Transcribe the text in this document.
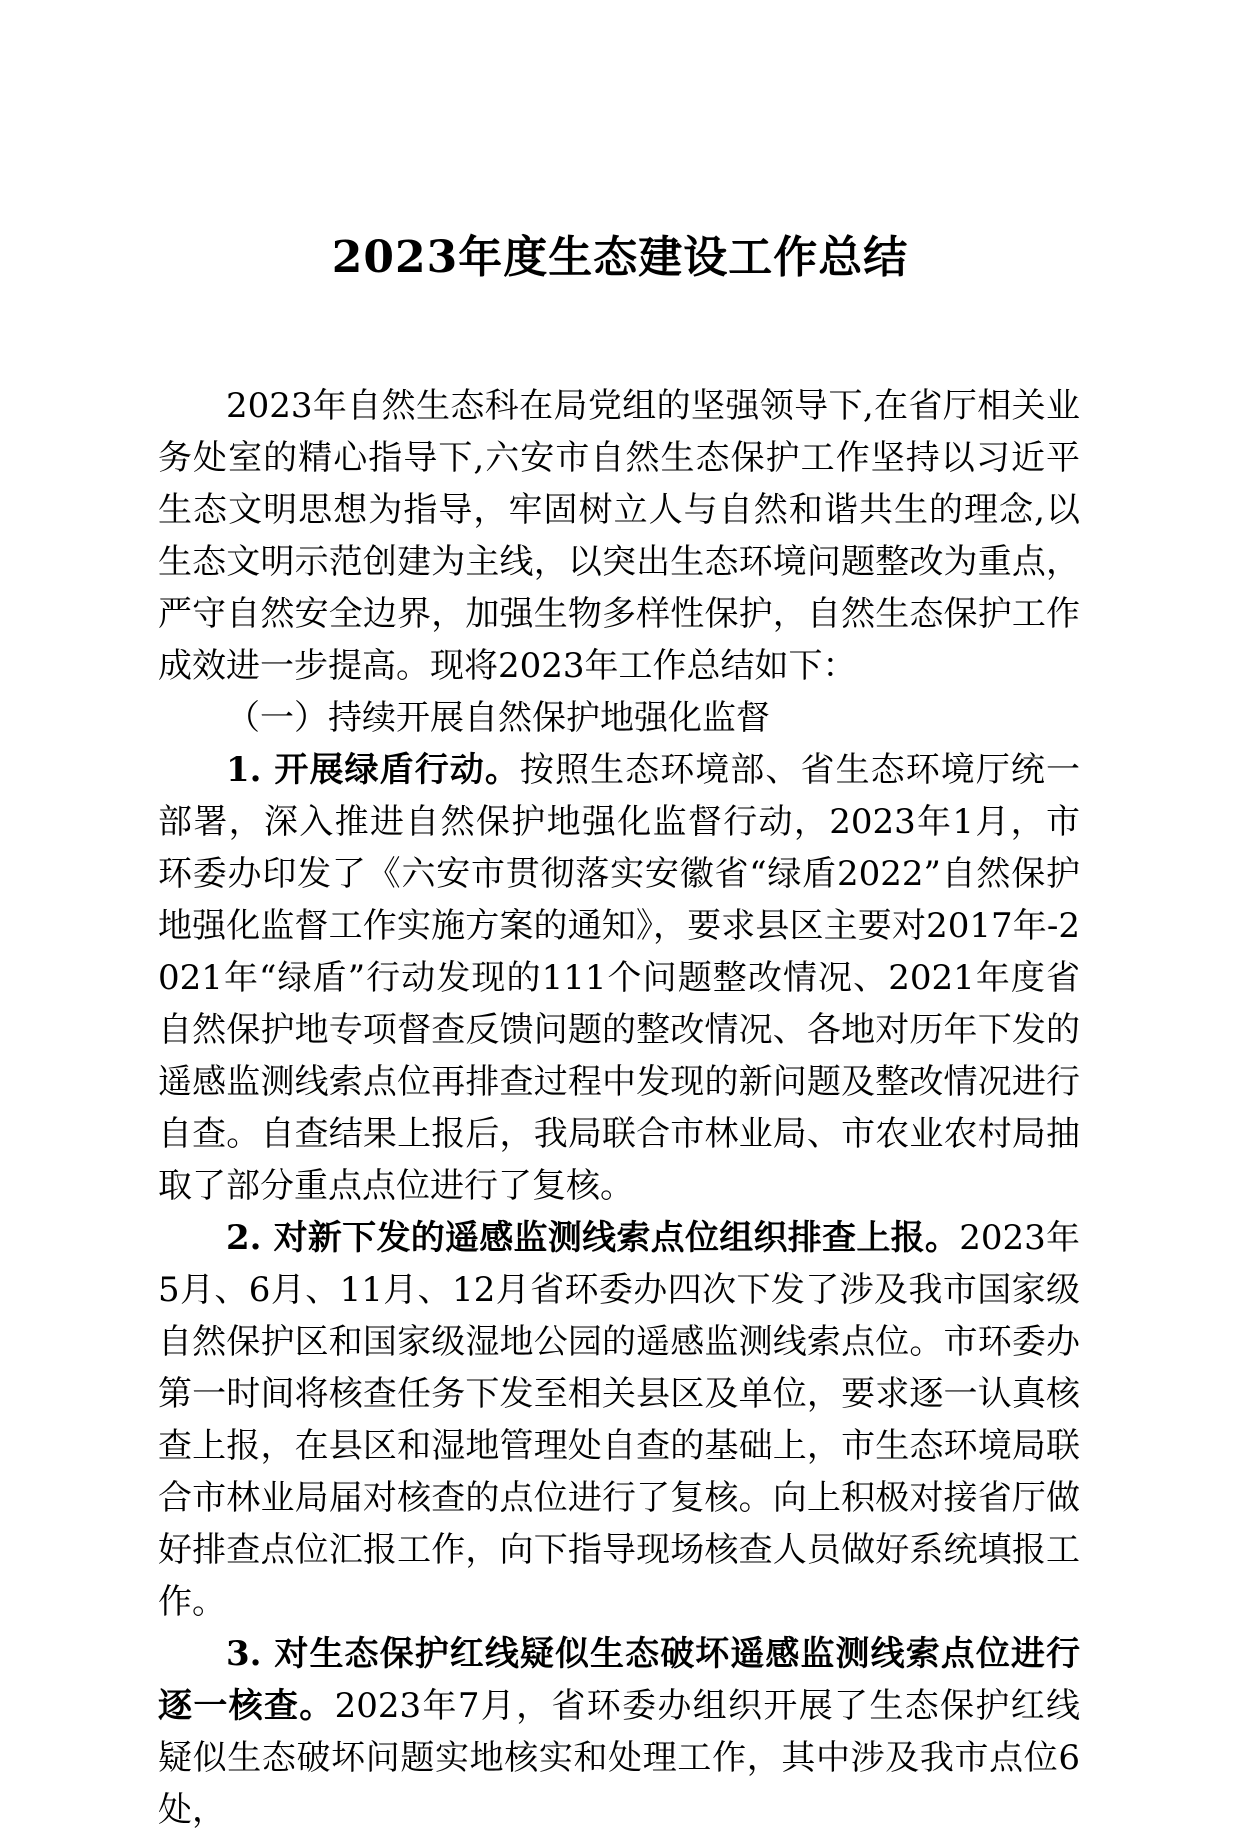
2023年度生态建设工作总结

2023年自然生态科在局党组的坚强领导下,在省厅相关业务处室的精心指导下,六安市自然生态保护工作坚持以习近平生态文明思想为指导，牢固树立人与自然和谐共生的理念,以生态文明示范创建为主线，以突出生态环境问题整改为重点，严守自然安全边界，加强生物多样性保护，自然生态保护工作成效进一步提高。现将2023年工作总结如下：

（一）持续开展自然保护地强化监督

1. 开展绿盾行动。按照生态环境部、省生态环境厅统一部署，深入推进自然保护地强化监督行动，2023年1月，市环委办印发了《六安市贯彻落实安徽省“绿盾2022”自然保护地强化监督工作实施方案的通知》，要求县区主要对2017年-2021年“绿盾”行动发现的111个问题整改情况、2021年度省自然保护地专项督查反馈问题的整改情况、各地对历年下发的遥感监测线索点位再排查过程中发现的新问题及整改情况进行自查。自查结果上报后，我局联合市林业局、市农业农村局抽取了部分重点点位进行了复核。

2. 对新下发的遥感监测线索点位组织排查上报。2023年5月、6月、11月、12月省环委办四次下发了涉及我市国家级自然保护区和国家级湿地公园的遥感监测线索点位。市环委办第一时间将核查任务下发至相关县区及单位，要求逐一认真核查上报，在县区和湿地管理处自查的基础上，市生态环境局联合市林业局届对核查的点位进行了复核。向上积极对接省厅做好排查点位汇报工作，向下指导现场核查人员做好系统填报工作。

3. 对生态保护红线疑似生态破坏遥感监测线索点位进行逐一核查。2023年7月，省环委办组织开展了生态保护红线疑似生态破坏问题实地核实和处理工作，其中涉及我市点位6处，
